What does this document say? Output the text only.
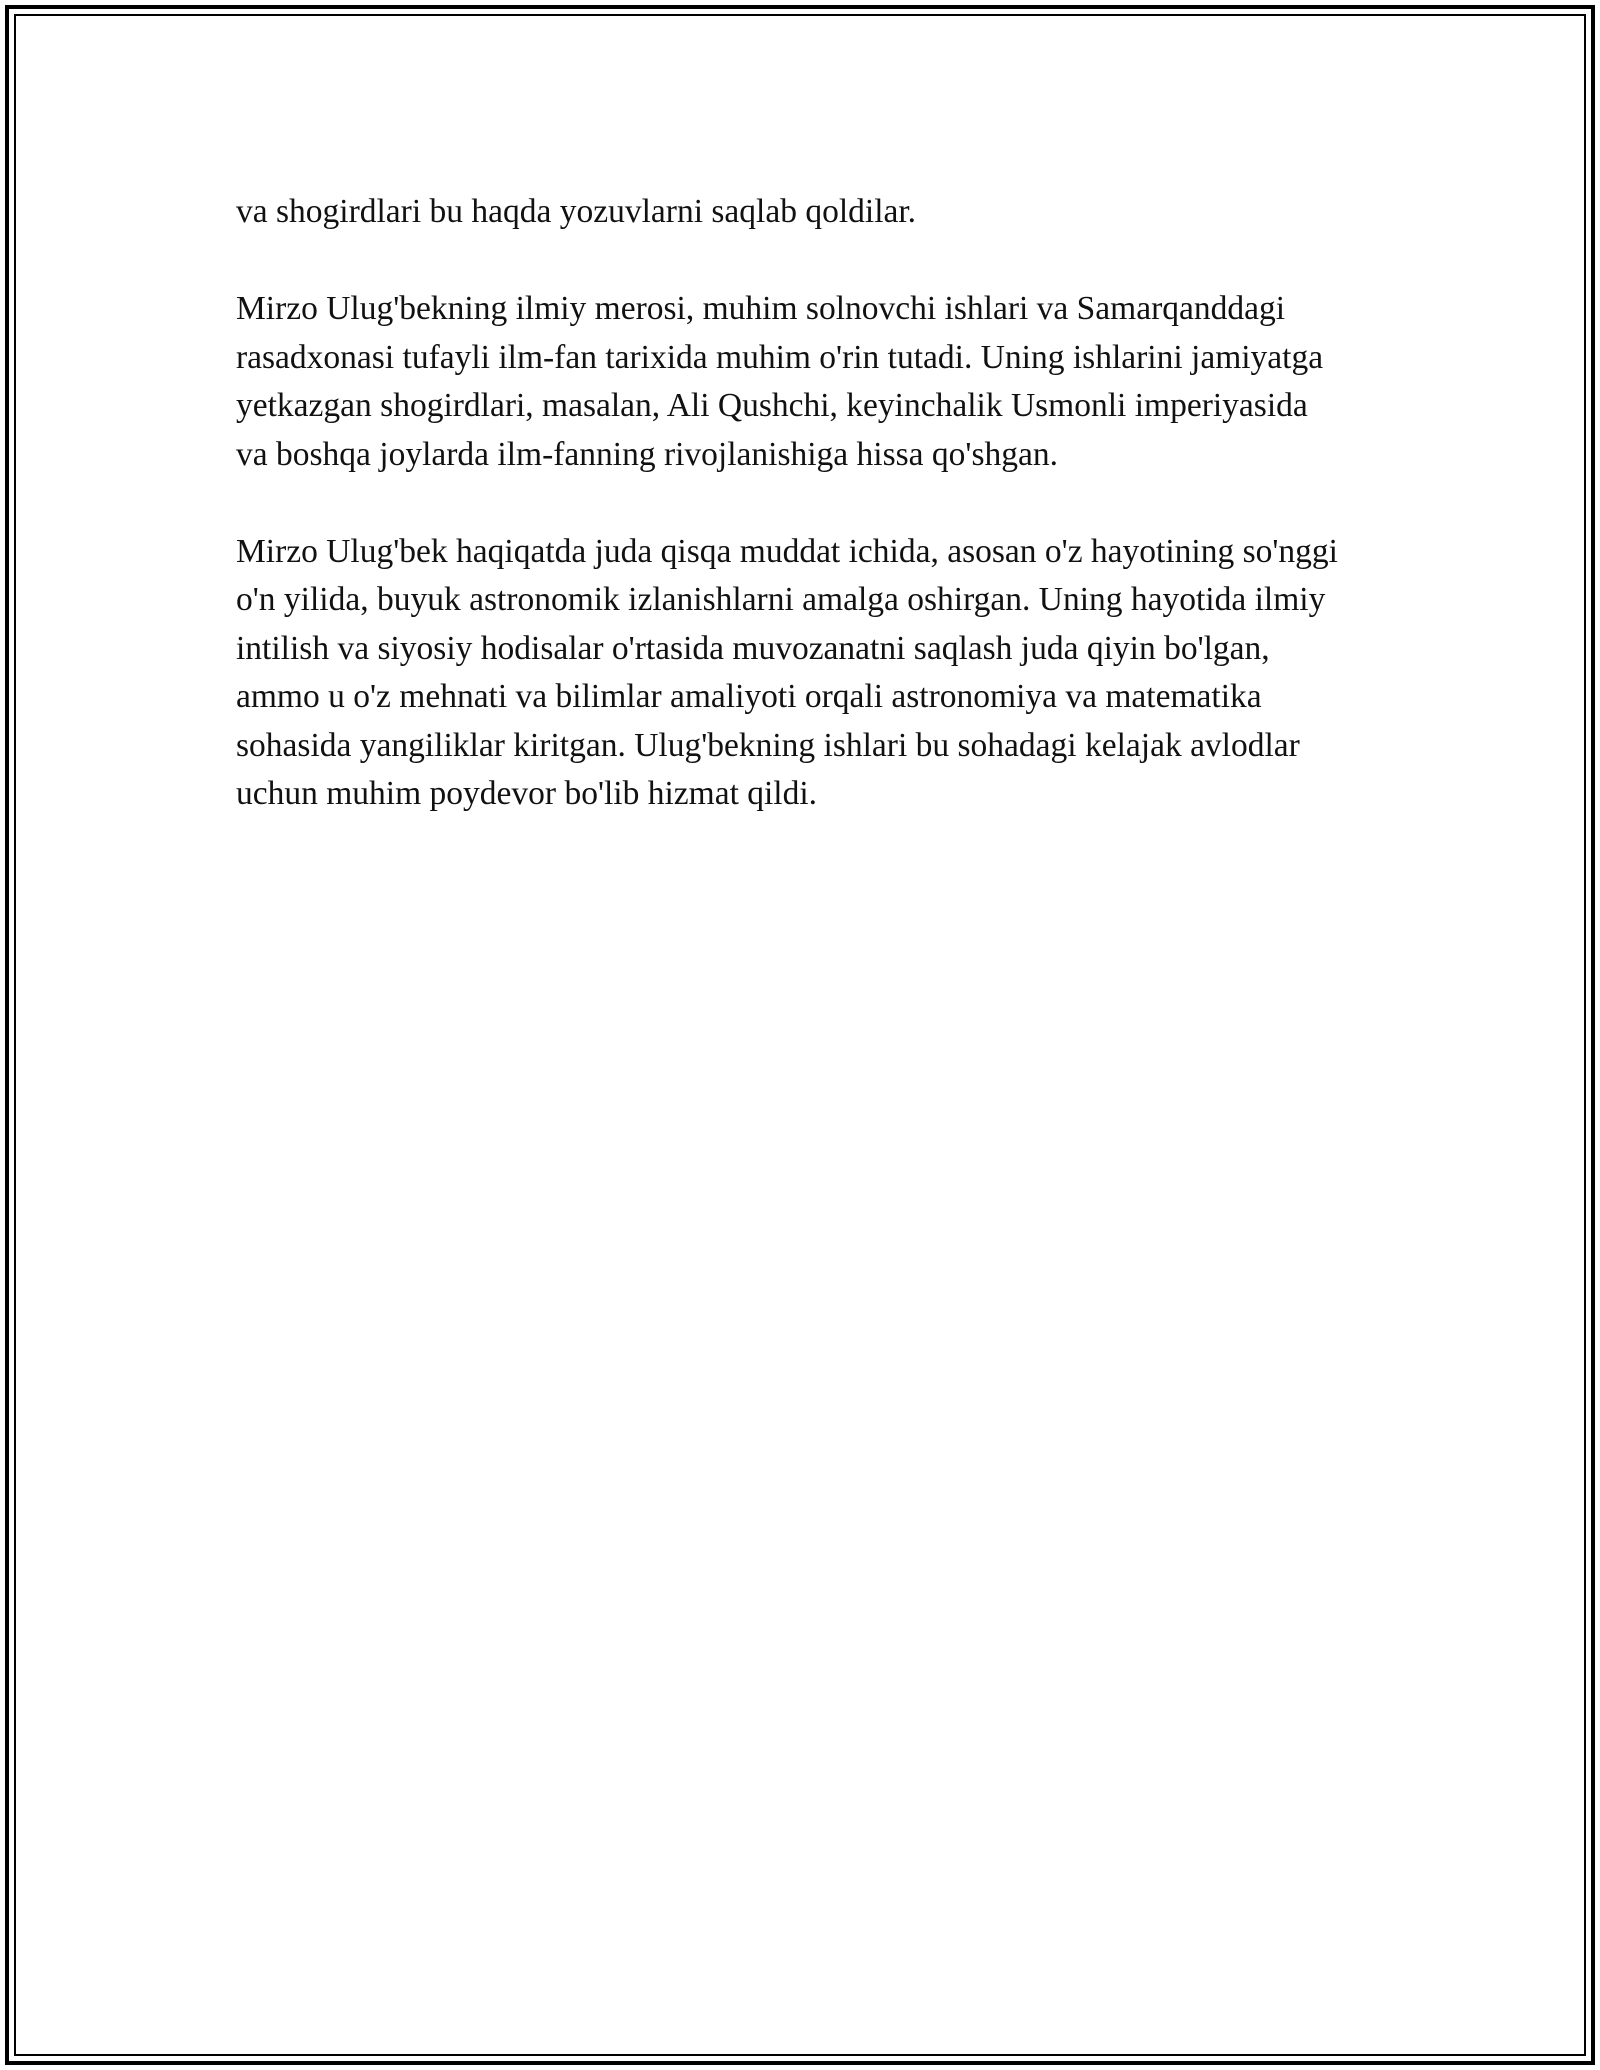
va shogirdlari bu haqda yozuvlarni saqlab qoldilar.

Mirzo Ulug'bekning ilmiy merosi, muhim solnovchi ishlari va Samarqanddagi rasadxonasi tufayli ilm-fan tarixida muhim o'rin tutadi. Uning ishlarini jamiyatga yetkazgan shogirdlari, masalan, Ali Qushchi, keyinchalik Usmonli imperiyasida va boshqa joylarda ilm-fanning rivojlanishiga hissa qo'shgan.

Mirzo Ulug'bek haqiqatda juda qisqa muddat ichida, asosan o'z hayotining so'nggi o'n yilida, buyuk astronomik izlanishlarni amalga oshirgan. Uning hayotida ilmiy intilish va siyosiy hodisalar o'rtasida muvozanatni saqlash juda qiyin bo'lgan, ammo u o'z mehnati va bilimlar amaliyoti orqali astronomiya va matematika sohasida yangiliklar kiritgan. Ulug'bekning ishlari bu sohadagi kelajak avlodlar uchun muhim poydevor bo'lib hizmat qildi.
